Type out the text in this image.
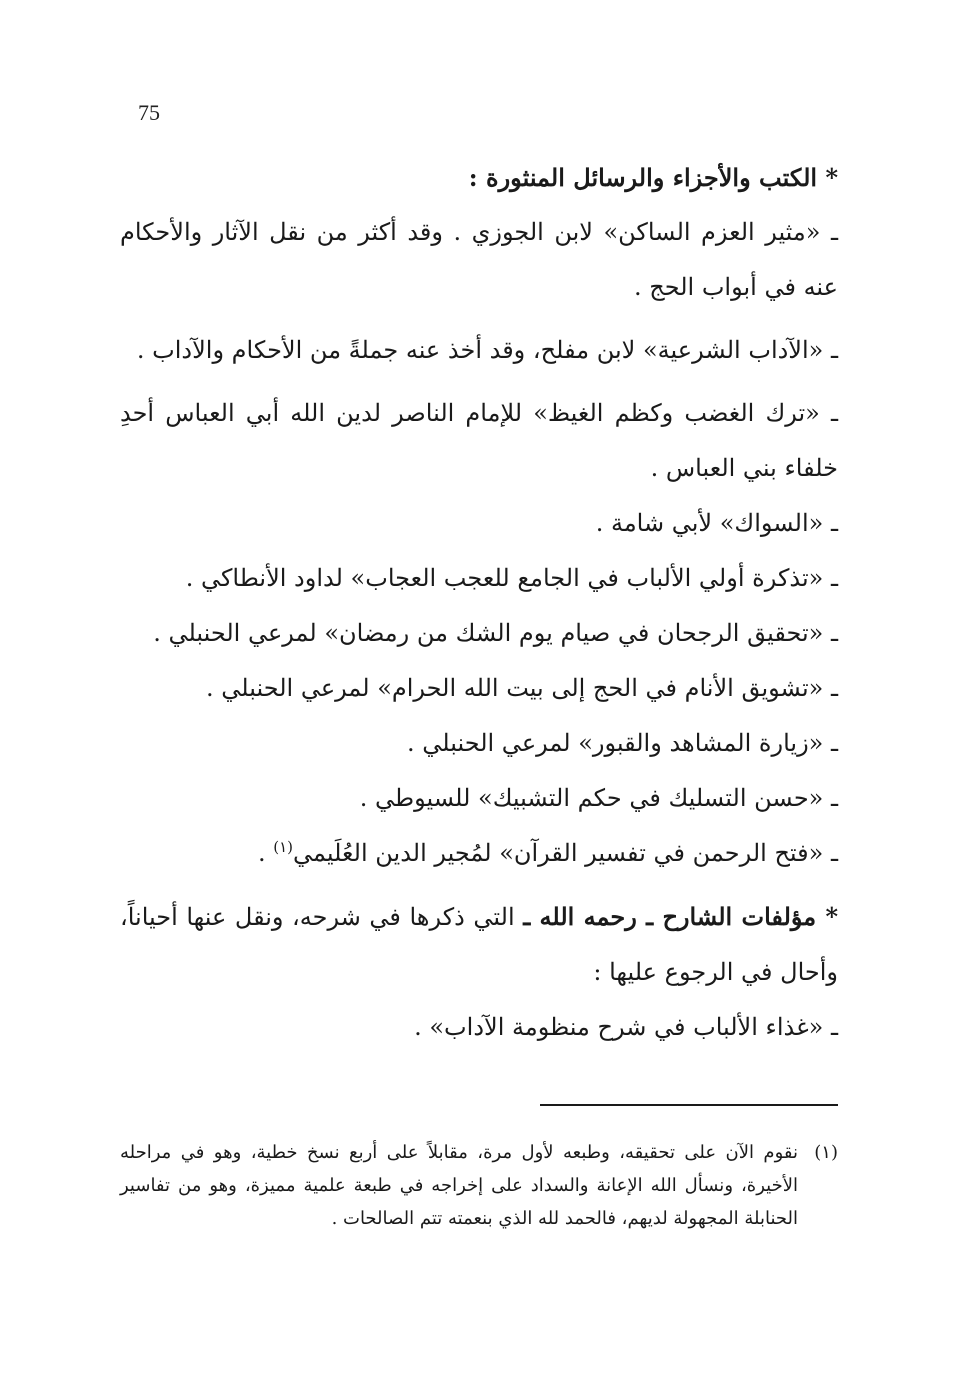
75

* الكتب والأجزاء والرسائل المنثورة :

ـ «مثير العزم الساكن» لابن الجوزي . وقد أكثر من نقل الآثار والأحكام عنه في أبواب الحج .

ـ «الآداب الشرعية» لابن مفلح، وقد أخذ عنه جملةً من الأحكام والآداب .

ـ «ترك الغضب وكظم الغيظ» للإمام الناصر لدين الله أبي العباس أحدِ خلفاء بني العباس .

ـ «السواك» لأبي شامة .

ـ «تذكرة أولي الألباب في الجامع للعجب العجاب» لداود الأنطاكي .

ـ «تحقيق الرجحان في صيام يوم الشك من رمضان» لمرعي الحنبلي .

ـ «تشويق الأنام في الحج إلى بيت الله الحرام» لمرعي الحنبلي .

ـ «زيارة المشاهد والقبور» لمرعي الحنبلي .

ـ «حسن التسليك في حكم التشبيك» للسيوطي .

ـ «فتح الرحمن في تفسير القرآن» لمُجير الدين العُلَيمي$^{(١)}$ .

* مؤلفات الشارح ـ رحمه الله ـ التي ذكرها في شرحه، ونقل عنها أحياناً، وأحال في الرجوع عليها :

ـ «غذاء الألباب في شرح منظومة الآداب» .

(١)
نقوم الآن على تحقيقه، وطبعه لأول مرة، مقابلاً على أربع نسخ خطية، وهو في مراحله الأخيرة، ونسأل الله الإعانة والسداد على إخراجه في طبعة علمية مميزة، وهو من تفاسير الحنابلة المجهولة لديهم، فالحمد لله الذي بنعمته تتم الصالحات .
